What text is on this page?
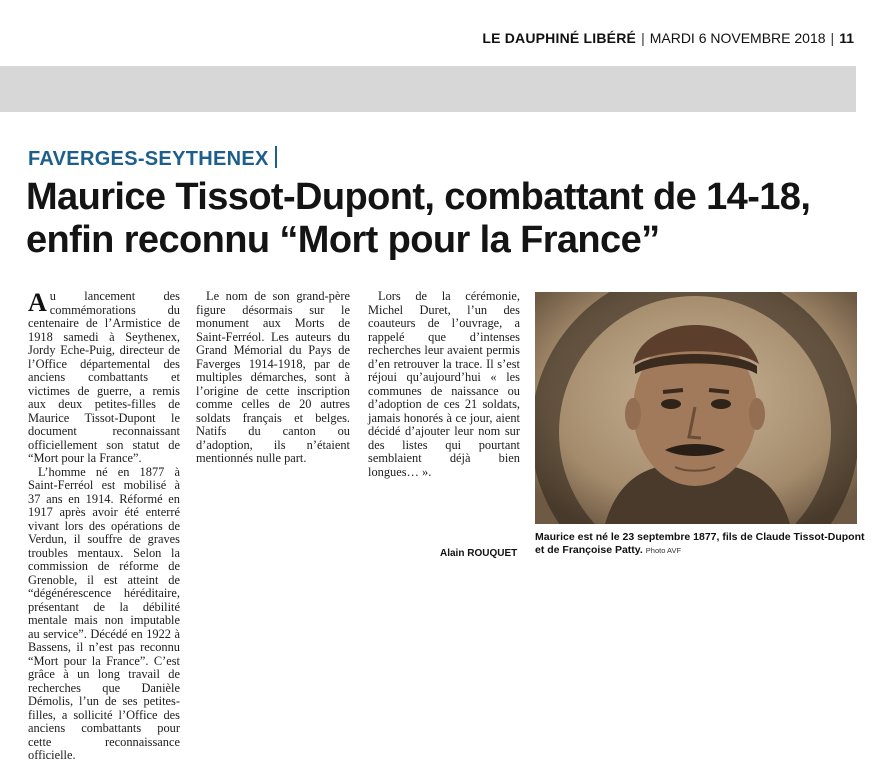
LE DAUPHINÉ LIBÉRÉ | MARDI 6 NOVEMBRE 2018 | 11
FAVERGES-SEYTHENEX
Maurice Tissot-Dupont, combattant de 14-18,
enfin reconnu “Mort pour la France”

Au lancement des commémorations du centenaire de l’Armistice de 1918 samedi à Seythenex, Jordy Eche-Puig, directeur de l’Office départemental des anciens combattants et victimes de guerre, a remis aux deux petites-filles de Maurice Tissot-Dupont le document reconnaissant officiellement son statut de “Mort pour la France”.

L’homme né en 1877 à Saint-Ferréol est mobilisé à 37 ans en 1914. Réformé en 1917 après avoir été enterré vivant lors des opérations de Verdun, il souffre de graves troubles mentaux. Selon la commission de réforme de Grenoble, il est atteint de “dégénérescence héréditaire, présentant de la débilité mentale mais non imputable au service”. Décédé en 1922 à Bassens, il n’est pas reconnu “Mort pour la France”. C’est grâce à un long travail de recherches que Danièle Démolis, l’un de ses petites-filles, a sollicité l’Office des anciens combattants pour cette reconnaissance officielle.

Le nom de son grand-père figure désormais sur le monument aux Morts de Saint-Ferréol. Les auteurs du Grand Mémorial du Pays de Faverges 1914-1918, par de multiples démarches, sont à l’origine de cette inscription comme celles de 20 autres soldats français et belges. Natifs du canton ou d’adoption, ils n’étaient mentionnés nulle part.

Lors de la cérémonie, Michel Duret, l’un des coauteurs de l’ouvrage, a rappelé que d’intenses recherches leur avaient permis d’en retrouver la trace. Il s’est réjoui qu’aujourd’hui « les communes de naissance ou d’adoption de ces 21 soldats, jamais honorés à ce jour, aient décidé d’ajouter leur nom sur des listes qui pourtant semblaient déjà bien longues… ».

Alain ROUQUET
Maurice est né le 23 septembre 1877, fils de Claude Tissot-Dupont et de Françoise Patty. Photo AVF
